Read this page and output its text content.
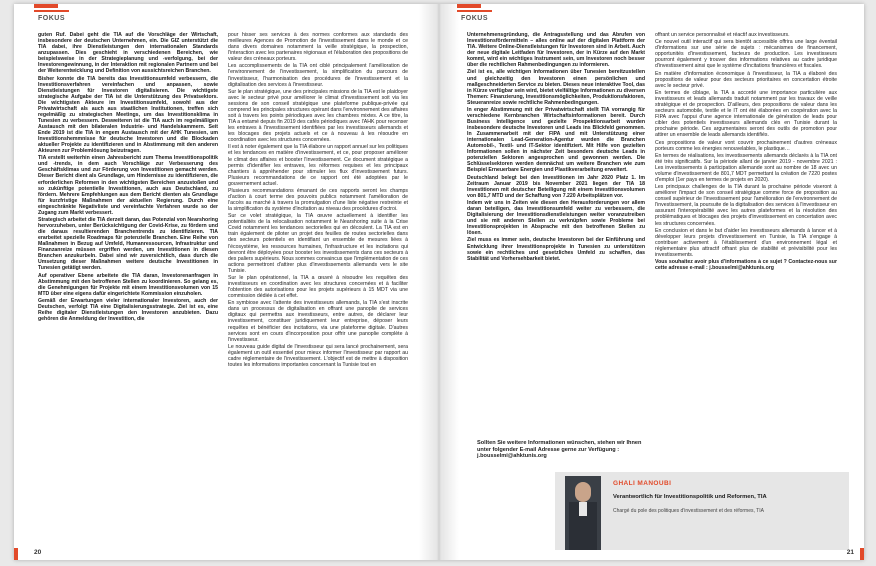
FOKUS

guten Ruf. Dabei geht die TIA auf die Vorschläge der Wirtschaft, insbesondere der deutschen Unternehmen, ein. Die GIZ unterstützt die TIA dabei, ihre Dienstleistungen den internationalen Standards anzupassen. Dies geschieht in verschiedenen Bereichen, wie beispielsweise in der Strategieplanung und -verfolgung, bei der Investorengewinnung, in der Interaktion mit regionalen Partnern und bei der Weiterentwicklung und Definition von aussichtsreichen Branchen.

Bisher konnte die TIA bereits das Investitionsumfeld verbessern, die Investitionsverfahren vereinfachen und anpassen, sowie Dienstleistungen für Investoren digitalisieren. Die wichtigste strategische Aufgabe der TIA ist die Unterstützung des Privatsektors. Die wichtigsten Akteure im Investitionsumfeld, sowohl aus der Privatwirtschaft als auch aus staatlichen Institutionen, treffen sich regelmäßig zu strategischen Meetings, um das Investitionsklima in Tunesien zu verbessern. Desweiteren ist die TIA auch im regelmäßigen Austausch mit den bilateralen Industrie- und Handelskammern. Seit Ende 2019 ist die TIA in engem Austausch mit der AHK Tunesien, um Investitionshemmnisse für deutsche Investoren und die Blockaden aktueller Projekte zu identifizieren und in Abstimmung mit den anderen Akteuren zur Problemlösung beizutragen.

TIA erstellt weiterhin einen Jahresbericht zum Thema Investitionspolitik und -trends, in dem auch Vorschläge zur Verbesserung des Geschäftsklimas und zur Förderung von Investitionen gemacht werden. Dieser Bericht dient als Grundlage, um Hindernisse zu identifizieren, die erforderlichen Reformen in den wichtigsten Bereichen anzustoßen und so zukünftige potentielle Investitionen, auch aus Deutschland, zu fördern. Mehrere Empfehlungen aus dem Bericht dienten als Grundlage für kurzfristige Maßnahmen der aktuellen Regierung. Durch eine eingeschränkte Negativliste und vereinfachte Verfahren wurde so der Zugang zum Markt verbessert.

Strategisch arbeitet die TIA derzeit daran, das Potenzial von Nearshoring hervorzuheben, unter Berücksichtigung der Covid-Krise, zu fördern und die daraus resultierenden Branchentrends zu identifizieren. TIA erarbeitet spezielle Roadmaps für potenzielle Branchen. Eine Reihe von Maßnahmen in Bezug auf Umfeld, Humanressourcen, Infrastruktur und Finanzanreize müssen ergriffen werden, um Investitionen in diesen Branchen anzukurbeln. Dabei sind wir zuversichtlich, dass durch die Umsetzung dieser Maßnahmen weitere deutsche Investitionen in Tunesien getätigt werden.

Auf operativer Ebene arbeitete die TIA daran, Investorenanfragen in Abstimmung mit den betroffenen Stellen zu koordinieren. So gelang es, die Genehmigungen für Projekte mit einem Investitionsvolumen von 15 MTD über eine eigens dafür eingerichtete Kommission einzuholen.

Gemäß der Erwartungen vieler internationaler Investoren, auch der Deutschen, verfolgt TIA eine Digitalisierungsstrategie. Ziel ist es, eine Reihe digitaler Dienstleistungen den Investoren anzubieten. Dazu gehören die Anmeldung der Investition, die

pour hisser ses services à des normes conformes aux standards des meilleures Agences de Promotion de l'investissement dans le monde et ce dans divers domaines notamment la veille stratégique, la prospection, l'interaction avec les partenaires régionaux et l'élaboration des propositions de valeur des créneaux porteurs.

Les accomplissements de la TIA ont ciblé principalement l'amélioration de l'environnement de l'investissement, la simplification du parcours de l'investisseur, l'harmonisation des procédures de l'investissement et la digitalisation des services à l'investisseur.

Sur le plan stratégique, une des principales missions de la TIA est le plaidoyer avec le secteur privé pour améliorer le climat d'investissement soit via les sessions de son conseil stratégique une plateforme publique-privée qui comprend les principales structures opérant dans l'environnement des affaires soit à travers les points périodiques avec les chambres mixtes. A ce titre, la TIA a entamé depuis fin 2019 des cafés périodiques avec l'AHK pour recenser les entraves à l'investissement identifiées par les investisseurs allemands et les blocages des projets actuels et ce à nouveau à les résoudre en coordination avec les structures concernées.

Il est à noter également que la TIA élabore un rapport annuel sur les politiques et les tendances en matière d'investissement, et ce, pour proposer améliorer le climat des affaires et booster l'investissement. Ce document stratégique a permis d'identifier les entraves, les réformes requises et les principaux chantiers à appréhender pour stimuler les flux d'investissement futurs. Plusieurs recommandations de ce rapport ont été adoptées par le gouvernement actuel.

Plusieurs recommandations émanant de ces rapports seront les champs d'action à court terme des pouvoirs publics notamment l'amélioration de l'accès au marché à travers la promulgation d'une liste négative restreinte et la simplification du système d'incitation au niveau des procédures d'octroi.

Sur ce volet stratégique, la TIA œuvre actuellement à identifier les potentialités de la relocalisation notamment le Nearshoring suite à la Crise Covid notamment les tendances sectorielles qui en découlent. La TIA est en train également de piloter un projet des feuilles de routes sectorielles dans des secteurs potentiels en identifiant un ensemble de mesures liées à l'écosystème, les ressources humaines, l'infrastructure et les incitations qui devront être déployées pour booster les investissements dans ces secteurs à des paliers supérieurs. Nous sommes convaincus que l'implémentation de ces actions permettront d'attirer plus d'investissements allemands vers le site Tunisie.

Sur le plan opérationnel, la TIA a œuvré à résoudre les requêtes des investisseurs en coordination avec les structures concernées et à faciliter l'obtention des autorisations pour les projets supérieurs à 15 MDT via une commission dédiée à cet effet.

En symbiose avec l'attente des investisseurs allemands, la TIA s'est inscrite dans un processus de digitalisation en offrant une panoplie de services digitaux qui permettra aux investisseurs, entre autres, de déclarer leur investissement, constituer juridiquement leur entreprise, déposer leurs requêtes et bénéficier des incitations, via une plateforme digitale. D'autres services sont en cours d'incorporation pour offrir une panoplie complète à l'investisseur.

Le nouveau guide digital de l'investisseur qui sera lancé prochainement, sera également un outil essentiel pour mieux informer l'investisseur par rapport au cadre réglementaire de l'investissement. L'objectif est de mettre à disposition toutes les informations importantes concernant la Tunisie tout en

20
FOKUS

Unternehmensgründung, die Antragsstellung und das Abrufen von Investitionsfördermitteln – alles online auf der digitalen Plattform der TIA. Weitere Online-Dienstleistungen für Investoren sind in Arbeit. Auch der neue digitale Leitfaden für Investoren, der in Kürze auf den Markt kommt, wird ein wichtiges Instrument sein, um Investoren noch besser über die rechtlichen Rahmenbedingungen zu informieren.

Ziel ist es, alle wichtigen Informationen über Tunesien bereitzustellen und gleichzeitig den Investoren einen persönlichen und maßgeschneiderten Service zu bieten. Dieses neue interaktive Tool, das in Kürze verfügbar sein wird, bietet vielfältige Informationen zu diversen Themen: Finanzierung, Investitionsmöglichkeiten, Produktionsfaktoren, Steueranreize sowie rechtliche Rahmenbedingungen.

In enger Abstimmung mit der Privatwirtschaft stellt TIA vorrangig für verschiedene Kernbranchen Wirtschaftsinformationen bereit. Durch Business Intelligence und gezielte Prospektionsarbeit wurden insbesondere deutsche Investoren und Leads ins Blickfeld genommen. In Zusammenarbeit mit der FIPA und mit Unterstützung einer internationalen Lead-Generation-Agentur wurden die Branchen Automobil-, Textil- und IT-Sektor identifiziert. Mit Hilfe von gezielten Informationen sollen in nächster Zeit besonders deutsche Leads in potenziellen Sektoren angesprochen und gewonnen werden. Die Schlüsselsektoren werden demnächst um weitere Branchen wie zum Beispiel Erneuerbare Energien und Plastikverarbeitung erweitert.

Deutschland belegt bei den Investitionen im Jahr 2020 Platz 1. Im Zeitraum Januar 2019 bis November 2021 liegen der TIA 18 Investitionen mit deutscher Beteiligung mit einem Investitionsvolumen von 801,7 MTD und der Schaffung von 7.220 Arbeitsplätzen vor.

Indem wir uns in Zeiten wie diesen den Herausforderungen vor allem daran beteiligen, das Investitionsumfeld weiter zu verbessern, die Digitalisierung der Investitionsdienstleistungen weiter voranzutreiben und sie mit anderen Stellen zu verknüpfen sowie Probleme bei Investitionsprojekten in Absprache mit den betroffenen Stellen zu lösen.

Ziel muss es immer sein, deutsche Investoren bei der Einführung und Entwicklung ihrer Investitionsprojekte in Tunesien zu unterstützen sowie ein rechtliches und gesetzliches Umfeld zu schaffen, das Stabilität und Vorhersehbarkeit bietet.

Sollten Sie weitere Informationen wünschen, stehen wir Ihnen unter folgender E-mail Adresse gerne zur Verfügung : j.bousselmi@ahktunis.org

offrant un service personnalisé et réactif aux investisseurs.

Ce nouvel outil interactif qui sera bientôt accessible offrira une large éventail d'informations sur une série de sujets : mécanismes de financement, opportunités d'investissement, facteurs de production. Les investisseurs pourront également y trouver des informations relatives au cadre juridique d'investissement ainsi que le système d'incitations financières et fiscales.

En matière d'information économique à l'investisseur, la TIA a élaboré des propositions de valeur pour des secteurs prioritaires en concertation étroite avec le secteur privé.

En termes de ciblage, la TIA a accordé une importance particulière aux investisseurs et leads allemands traduit notamment par les travaux de veille stratégique et de prospection. D'ailleurs, des propositions de valeur dans les secteurs automobile, textile et le IT ont été élaborées en coopération avec la FIPA avec l'appui d'une agence internationale de génération de leads pour cibler des potentiels investisseurs allemands clés en Tunisie durant la prochaine période. Ces argumentaires seront des outils de promotion pour attirer un ensemble de leads allemands identifiés.

Ces propositions de valeur vont couvrir prochainement d'autres créneaux porteurs comme les énergies renouvelables, le plastique…

En termes de réalisations, les investissements allemands déclarés à la TIA ont été très significatifs. Sur la période allant de janvier 2019 - novembre 2021 : Les investissements à participation allemande sont au nombre de 18 avec un volume d'investissement de 801,7 MDT permettant la création de 7220 postes d'emploi (1er pays en termes de projets en 2020).

Les principaux challenges de la TIA durant la prochaine période viseront à améliorer l'impact de son conseil stratégique comme force de proposition au conseil supérieur de l'investissement pour l'amélioration de l'environnement de l'investissement, la poursuite de la digitalisation des services à l'investisseur en assurant l'interopérabilité avec les autres plateformes et la résolution des problématiques et blocages des projets d'investissement en concertation avec les structures concernées.

En conclusion et dans le but d'aider les investisseurs allemands à lancer et à développer leurs projets d'investissement en Tunisie, la TIA s'engage à contribuer activement à l'établissement d'un environnement légal et réglementaire plus attractif offrant plus de stabilité et prévisibilité pour les investissements.

Vous souhaitez avoir plus d'informations à ce sujet ? Contactez-nous sur cette adresse e-mail : j.bousselmi@ahktunis.org

GHALI MANOUBI
Verantwortlich für Investitionspolitik und Reformen, TIA
Chargé du pole des politiques d'investissement et des réformes, TIA
21
